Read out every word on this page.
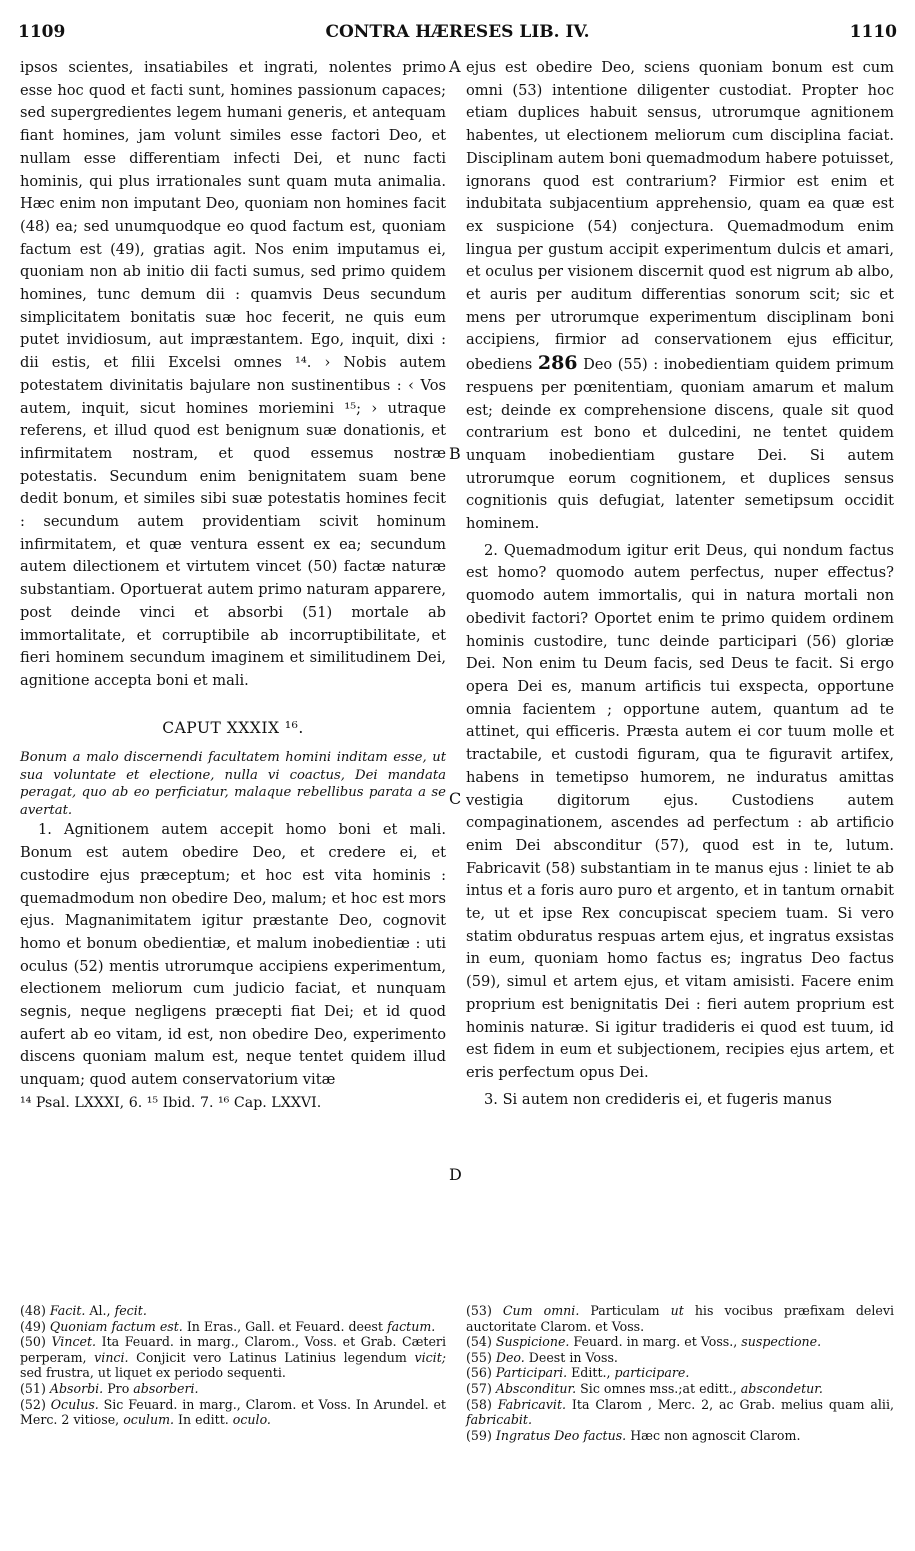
1109	CONTRA HÆRESES LIB. IV.	1110
A
B
C
D

ipsos scientes, insatiabiles et ingrati, nolentes primo esse hoc quod et facti sunt, homines passionum capaces; sed supergredientes legem humani generis, et antequam fiant homines, jam volunt similes esse factori Deo, et nullam esse differentiam infecti Dei, et nunc facti hominis, qui plus irrationales sunt quam muta animalia. Hæc enim non imputant Deo, quoniam non homines facit (48) ea; sed unumquodque eo quod factum est, quoniam factum est (49), gratias agit. Nos enim imputamus ei, quoniam non ab initio dii facti sumus, sed primo quidem homines, tunc demum dii : quamvis Deus secundum simplicitatem bonitatis suæ hoc fecerit, ne quis eum putet invidiosum, aut impræstantem. Ego, inquit, dixi : dii estis, et filii Excelsi omnes ¹⁴. › Nobis autem potestatem divinitatis bajulare non sustinentibus : ‹ Vos autem, inquit, sicut homines moriemini ¹⁵; › utraque referens, et illud quod est benignum suæ donationis, et infirmitatem nostram, et quod essemus nostræ potestatis. Secundum enim benignitatem suam bene dedit bonum, et similes sibi suæ potestatis homines fecit : secundum autem providentiam scivit hominum infirmitatem, et quæ ventura essent ex ea; secundum autem dilectionem et virtutem vincet (50) factæ naturæ substantiam. Oportuerat autem primo naturam apparere, post deinde vinci et absorbi (51) mortale ab immortalitate, et corruptibile ab incorruptibilitate, et fieri hominem secundum imaginem et similitudinem Dei, agnitione accepta boni et mali.

CAPUT XXXIX ¹⁶.

Bonum a malo discernendi facultatem homini inditam esse, ut sua voluntate et electione, nulla vi coactus, Dei mandata peragat, quo ab eo perficiatur, malaque rebellibus parata a se avertat.

1. Agnitionem autem accepit homo boni et mali. Bonum est autem obedire Deo, et credere ei, et custodire ejus præceptum; et hoc est vita hominis : quemadmodum non obedire Deo, malum; et hoc est mors ejus. Magnanimitatem igitur præstante Deo, cognovit homo et bonum obedientiæ, et malum inobedientiæ : uti oculus (52) mentis utrorumque accipiens experimentum, electionem meliorum cum judicio faciat, et nunquam segnis, neque negligens præcepti fiat Dei; et id quod aufert ab eo vitam, id est, non obedire Deo, experimento discens quoniam malum est, neque tentet quidem illud unquam; quod autem conservatorium vitæ

¹⁴ Psal. LXXXI, 6. ¹⁵ Ibid. 7. ¹⁶ Cap. LXXVI.

ejus est obedire Deo, sciens quoniam bonum est cum omni (53) intentione diligenter custodiat. Propter hoc etiam duplices habuit sensus, utrorumque agnitionem habentes, ut electionem meliorum cum disciplina faciat. Disciplinam autem boni quemadmodum habere potuisset, ignorans quod est contrarium? Firmior est enim et indubitata subjacentium apprehensio, quam ea quæ est ex suspicione (54) conjectura. Quemadmodum enim lingua per gustum accipit experimentum dulcis et amari, et oculus per visionem discernit quod est nigrum ab albo, et auris per auditum differentias sonorum scit; sic et mens per utrorumque experimentum disciplinam boni accipiens, firmior ad conservationem ejus efficitur, obediens 286 Deo (55) : inobedientiam quidem primum respuens per pœnitentiam, quoniam amarum et malum est; deinde ex comprehensione discens, quale sit quod contrarium est bono et dulcedini, ne tentet quidem unquam inobedientiam gustare Dei. Si autem utrorumque eorum cognitionem, et duplices sensus cognitionis quis defugiat, latenter semetipsum occidit hominem.

2. Quemadmodum igitur erit Deus, qui nondum factus est homo? quomodo autem perfectus, nuper effectus? quomodo autem immortalis, qui in natura mortali non obedivit factori? Oportet enim te primo quidem ordinem hominis custodire, tunc deinde participari (56) gloriæ Dei. Non enim tu Deum facis, sed Deus te facit. Si ergo opera Dei es, manum artificis tui exspecta, opportune omnia facientem ; opportune autem, quantum ad te attinet, qui efficeris. Præsta autem ei cor tuum molle et tractabile, et custodi figuram, qua te figuravit artifex, habens in temetipso humorem, ne induratus amittas vestigia digitorum ejus. Custodiens autem compaginationem, ascendes ad perfectum : ab artificio enim Dei absconditur (57), quod est in te, lutum. Fabricavit (58) substantiam in te manus ejus : liniet te ab intus et a foris auro puro et argento, et in tantum ornabit te, ut et ipse Rex concupiscat speciem tuam. Si vero statim obduratus respuas artem ejus, et ingratus exsistas in eum, quoniam homo factus es; ingratus Deo factus (59), simul et artem ejus, et vitam amisisti. Facere enim proprium est benignitatis Dei : fieri autem proprium est hominis naturæ. Si igitur tradideris ei quod est tuum, id est fidem in eum et subjectionem, recipies ejus artem, et eris perfectum opus Dei.

3. Si autem non credideris ei, et fugeris manus

(48) Facit. Al., fecit.

(49) Quoniam factum est. In Eras., Gall. et Feuard. deest factum.

(50) Vincet. Ita Feuard. in marg., Clarom., Voss. et Grab. Cæteri perperam, vinci. Conjicit vero Latinus Latinius legendum vicit; sed frustra, ut liquet ex periodo sequenti.

(51) Absorbi. Pro absorberi.

(52) Oculus. Sic Feuard. in marg., Clarom. et Voss. In Arundel. et Merc. 2 vitiose, oculum. In editt. oculo.

(53) Cum omni. Particulam ut his vocibus præfixam delevi auctoritate Clarom. et Voss.

(54) Suspicione. Feuard. in marg. et Voss., suspectione.

(55) Deo. Deest in Voss.

(56) Participari. Editt., participare.

(57) Absconditur. Sic omnes mss.;at editt., abscondetur.

(58) Fabricavit. Ita Clarom , Merc. 2, ac Grab. melius quam alii, fabricabit.

(59) Ingratus Deo factus. Hæc non agnoscit Clarom.
